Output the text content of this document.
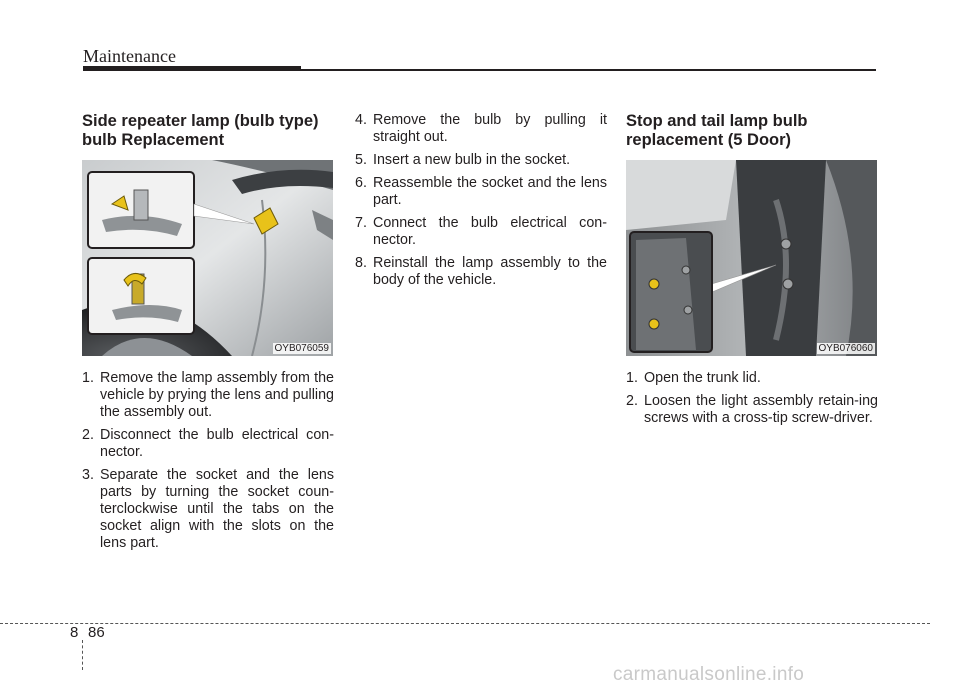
Maintenance
Side repeater lamp (bulb type)
bulb Replacement
OYB076059
1. Remove the lamp assembly from the vehicle by prying the lens and pulling the assembly out.
2. Disconnect the bulb electrical con-nector.
3. Separate the socket and the lens parts by turning the socket coun-terclockwise until the tabs on the socket align with the slots on the lens part.
4. Remove the bulb by pulling it straight out.
5. Insert a new bulb in the socket.
6. Reassemble the socket and the lens part.
7. Connect the bulb electrical con-nector.
8. Reinstall the lamp assembly to the body of the vehicle.
Stop and tail lamp bulb
replacement (5 Door)
OYB076060
1. Open the trunk lid.
2. Loosen the light assembly retain-ing screws with a cross-tip screw-driver.
8 86
carmanualsonline.info
